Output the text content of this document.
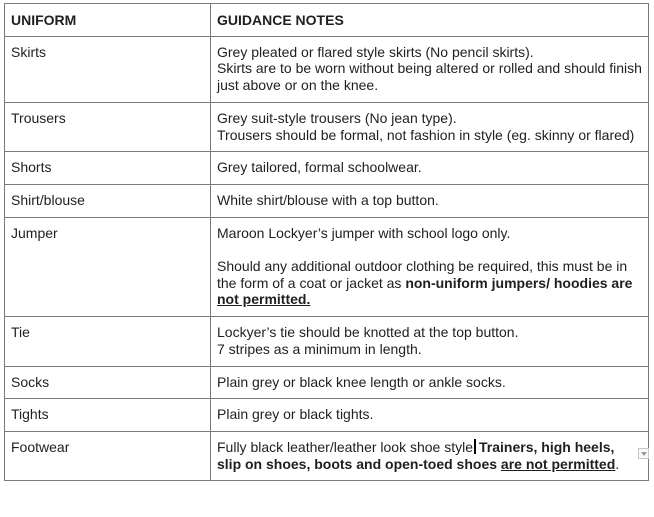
UNIFORM	GUIDANCE NOTES
Skirts	Grey pleated or flared style skirts (No pencil skirts).
Skirts are to be worn without being altered or rolled and should finish just above or on the knee.
Trousers	Grey suit-style trousers (No jean type).
Trousers should be formal, not fashion in style (eg. skinny or flared)
Shorts	Grey tailored, formal schoolwear.
Shirt/blouse	White shirt/blouse with a top button.
Jumper	Maroon Lockyer’s jumper with school logo only.
Should any additional outdoor clothing be required, this must be in the form of a coat or jacket as non-uniform jumpers/ hoodies are not permitted.
Tie	Lockyer’s tie should be knotted at the top button.
7 stripes as a minimum in length.
Socks	Plain grey or black knee length or ankle socks.
Tights	Plain grey or black tights.
Footwear	Fully black leather/leather look shoe style Trainers, high heels, slip on shoes, boots and open-toed shoes are not permitted.
